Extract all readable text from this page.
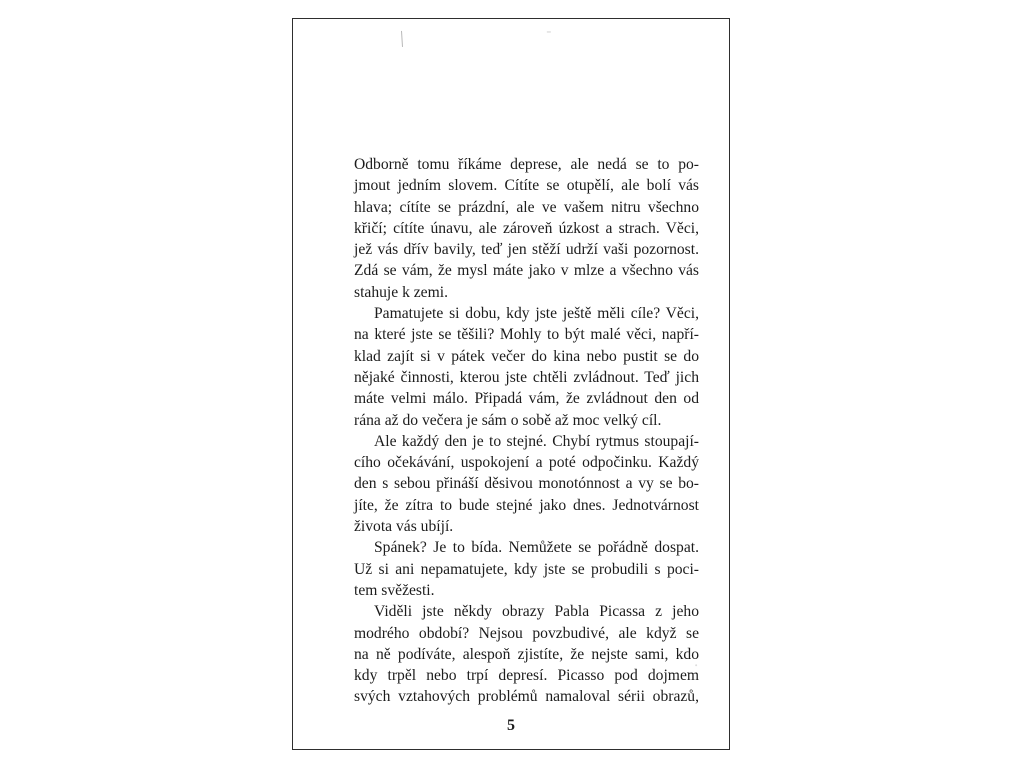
Odborně tomu říkáme deprese, ale nedá se to po-
jmout jedním slovem. Cítíte se otupělí, ale bolí vás
hlava; cítíte se prázdní, ale ve vašem nitru všechno
křičí; cítíte únavu, ale zároveň úzkost a strach. Věci,
jež vás dřív bavily, teď jen stěží udrží vaši pozornost.
Zdá se vám, že mysl máte jako v mlze a všechno vás
stahuje k zemi.
Pamatujete si dobu, kdy jste ještě měli cíle? Věci,
na které jste se těšili? Mohly to být malé věci, napří-
klad zajít si v pátek večer do kina nebo pustit se do
nějaké činnosti, kterou jste chtěli zvládnout. Teď jich
máte velmi málo. Připadá vám, že zvládnout den od
rána až do večera je sám o sobě až moc velký cíl.
Ale každý den je to stejné. Chybí rytmus stoupají-
cího očekávání, uspokojení a poté odpočinku. Každý
den s sebou přináší děsivou monotónnost a vy se bo-
jíte, že zítra to bude stejné jako dnes. Jednotvárnost
života vás ubíjí.
Spánek? Je to bída. Nemůžete se pořádně dospat.
Už si ani nepamatujete, kdy jste se probudili s poci-
tem svěžesti.
Viděli jste někdy obrazy Pabla Picassa z jeho
modrého období? Nejsou povzbudivé, ale když se
na ně podíváte, alespoň zjistíte, že nejste sami, kdo
kdy trpěl nebo trpí depresí. Picasso pod dojmem
svých vztahových problémů namaloval sérii obrazů,
5
